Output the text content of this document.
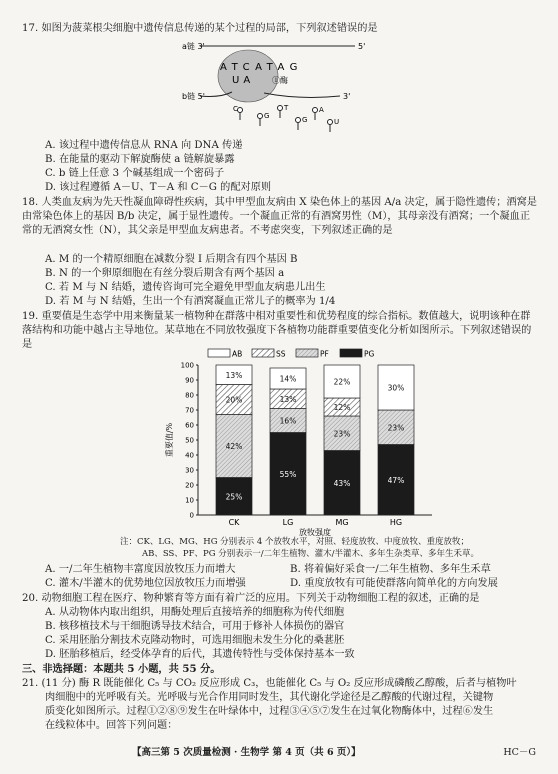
17. 如图为菠菜根尖细胞中遗传信息传递的某个过程的局部，下列叙述错误的是
a链 3'	5'
ATCATAG
UA ①酶
b链 5'	3'
C
G
T
G
A
U
A. 该过程中遗传信息从 RNA 向 DNA 传递
B. 在能量的驱动下解旋酶使 a 链解旋暴露
C. b 链上任意 3 个碱基组成一个密码子
D. 该过程遵循 A－U、T－A 和 C－G 的配对原则
18. 人类血友病为先天性凝血障碍性疾病，其中甲型血友病由 X 染色体上的基因 A/a 决定，属于隐性遗传；酒窝是由常染色体上的基因 B/b 决定，属于显性遗传。一个凝血正常的有酒窝男性（M），其母亲没有酒窝；一个凝血正常的无酒窝女性（N），其父亲是甲型血友病患者。不考虑突变，下列叙述正确的是
A. M 的一个精原细胞在减数分裂 Ⅰ 后期含有四个基因 B
B. N 的一个卵原细胞在有丝分裂后期含有两个基因 a
C. 若 M 与 N 结婚，遗传咨询可完全避免甲型血友病患儿出生
D. 若 M 与 N 结婚，生出一个有酒窝凝血正常儿子的概率为 1/4
19. 重要值是生态学中用来衡量某一植物种在群落中相对重要性和优势程度的综合指标。数值越大，说明该种在群落结构和功能中越占主导地位。某草地在不同放牧强度下各植物功能群重要值变化分析如图所示。下列叙述错误的是
AB	SS	PF	PG
重要值/%
0
10
20
30
40
50
60
70
80
90
100
25%
42%
20%
13%
55%
16%
13%
14%
43%
23%
12%
22%
47%
23%
30%
CK	LG	MG	HG
放牧强度
注：CK、LG、MG、HG 分别表示 4 个放牧水平，对照、轻度放牧、中度放牧、重度放牧；
AB、SS、PF、PG 分别表示一/二年生植物、灌木/半灌木、多年生杂类草、多年生禾草。
A. 一/二年生植物丰富度因放牧压力而增大	B. 将着偏好采食一/二年生植物、多年生禾草
C. 灌木/半灌木的优势地位因放牧压力而增强	D. 重度放牧有可能使群落向简单化的方向发展
20. 动物细胞工程在医疗、物种繁育等方面有着广泛的应用。下列关于动物细胞工程的叙述，正确的是
A. 从动物体内取出组织，用酶处理后直接培养的细胞称为传代细胞
B. 核移植技术与干细胞诱导技术结合，可用于修补人体损伤的器官
C. 采用胚胎分割技术克隆动物时，可选用细胞未发生分化的桑葚胚
D. 胚胎移植后，经受体孕育的后代，其遗传特性与受体保持基本一致
三、非选择题：本题共 5 小题，共 55 分。
21. (11 分) 酶 R 既能催化 C₅ 与 CO₂ 反应形成 C₃，也能催化 C₅ 与 O₂ 反应形成磷酸乙醇酸，后者与植物叶
肉细胞中的光呼吸有关。光呼吸与光合作用同时发生，其代谢化学途径是乙醇酸的代谢过程，关键物
质变化如图所示。过程①②⑧⑨发生在叶绿体中，过程③④⑤⑦发生在过氧化物酶体中，过程⑥发生
在线粒体中。回答下列问题：
【高三第 5 次质量检测 · 生物学 第 4 页（共 6 页）】	HC－G
